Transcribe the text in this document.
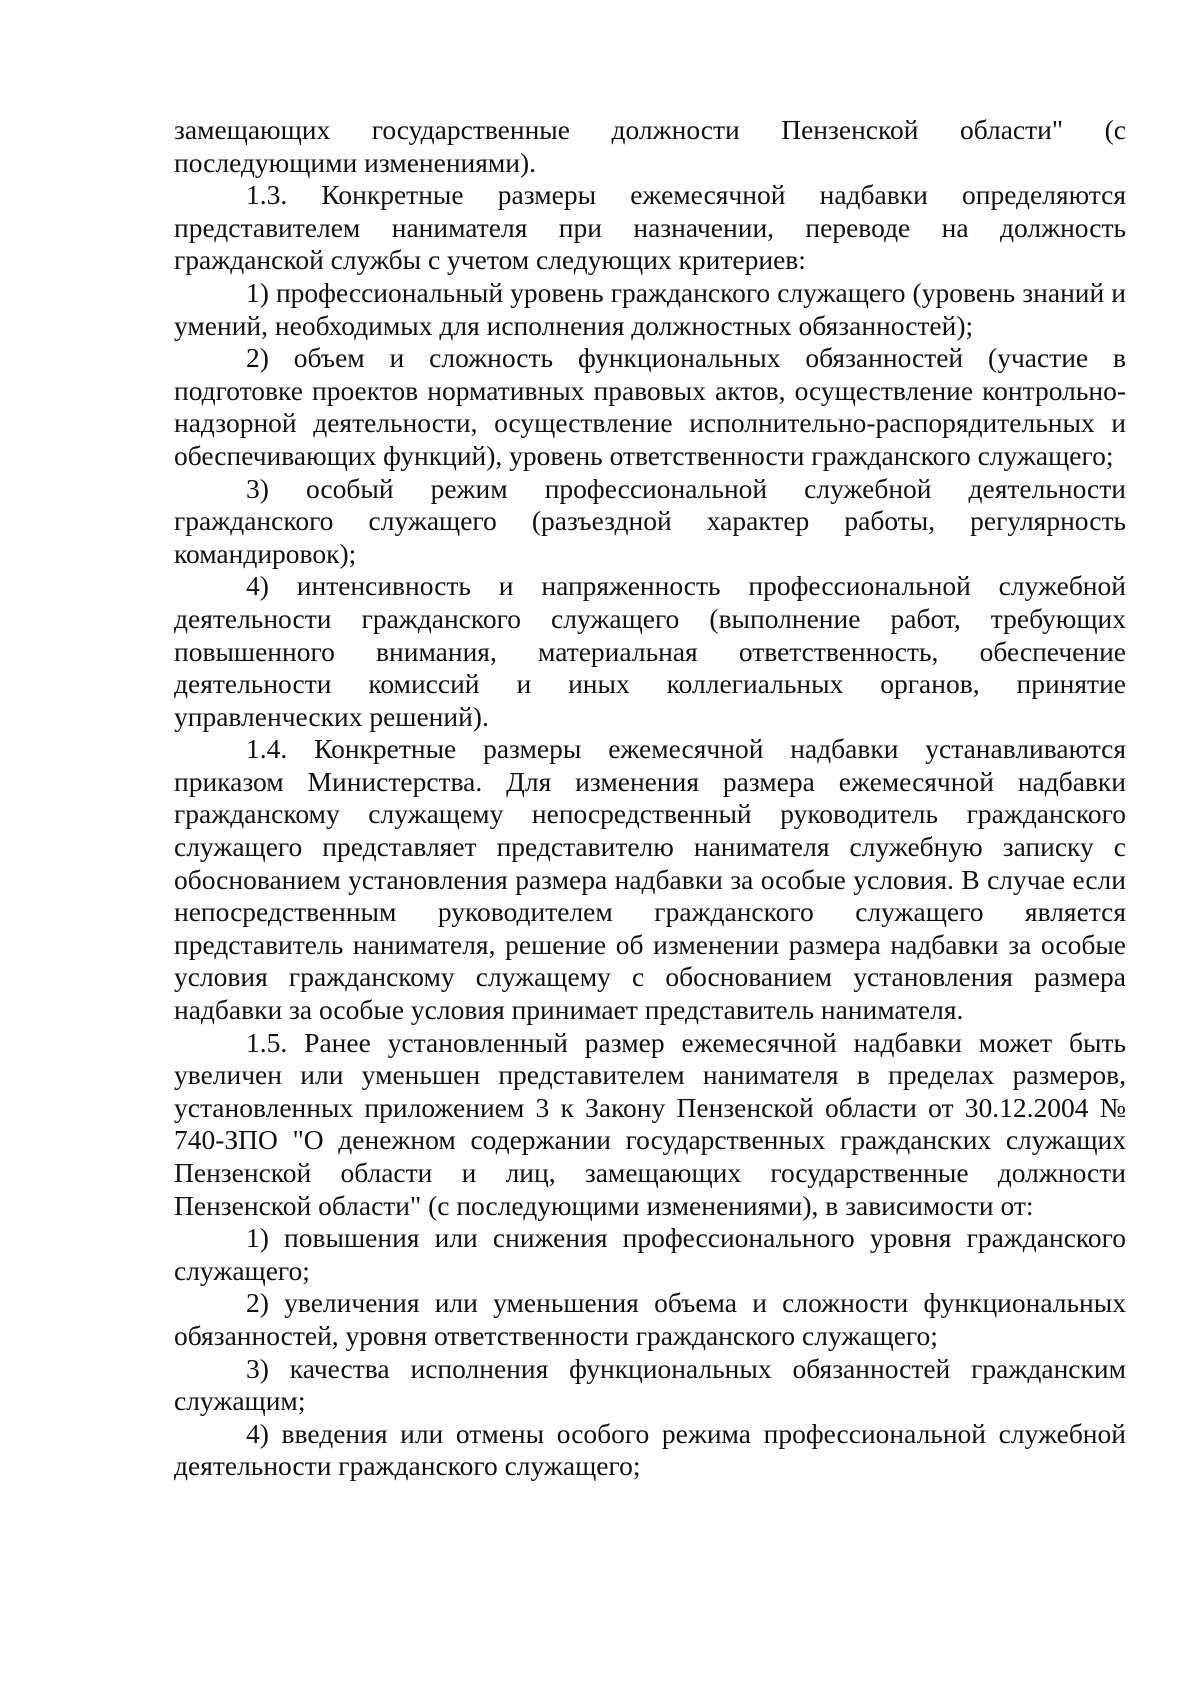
замещающих государственные должности Пензенской области" (с последующими изменениями).

1.3. Конкретные размеры ежемесячной надбавки определяются представителем нанимателя при назначении, переводе на должность гражданской службы с учетом следующих критериев:

1) профессиональный уровень гражданского служащего (уровень знаний и умений, необходимых для исполнения должностных обязанностей);

2) объем и сложность функциональных обязанностей (участие в подготовке проектов нормативных правовых актов, осуществление контрольно-надзорной деятельности, осуществление исполнительно-распорядительных и обеспечивающих функций), уровень ответственности гражданского служащего;

3) особый режим профессиональной служебной деятельности гражданского служащего (разъездной характер работы, регулярность командировок);

4) интенсивность и напряженность профессиональной служебной деятельности гражданского служащего (выполнение работ, требующих повышенного внимания, материальная ответственность, обеспечение деятельности комиссий и иных коллегиальных органов, принятие управленческих решений).

1.4. Конкретные размеры ежемесячной надбавки устанавливаются приказом Министерства. Для изменения размера ежемесячной надбавки гражданскому служащему непосредственный руководитель гражданского служащего представляет представителю нанимателя служебную записку с обоснованием установления размера надбавки за особые условия. В случае если непосредственным руководителем гражданского служащего является представитель нанимателя, решение об изменении размера надбавки за особые условия гражданскому служащему с обоснованием установления размера надбавки за особые условия принимает представитель нанимателя.

1.5. Ранее установленный размер ежемесячной надбавки может быть увеличен или уменьшен представителем нанимателя в пределах размеров, установленных приложением 3 к Закону Пензенской области от 30.12.2004 № 740-ЗПО "О денежном содержании государственных гражданских служащих Пензенской области и лиц, замещающих государственные должности Пензенской области" (с последующими изменениями), в зависимости от:

1) повышения или снижения профессионального уровня гражданского служащего;

2) увеличения или уменьшения объема и сложности функциональных обязанностей, уровня ответственности гражданского служащего;

3) качества исполнения функциональных обязанностей гражданским служащим;

4) введения или отмены особого режима профессиональной служебной деятельности гражданского служащего;
